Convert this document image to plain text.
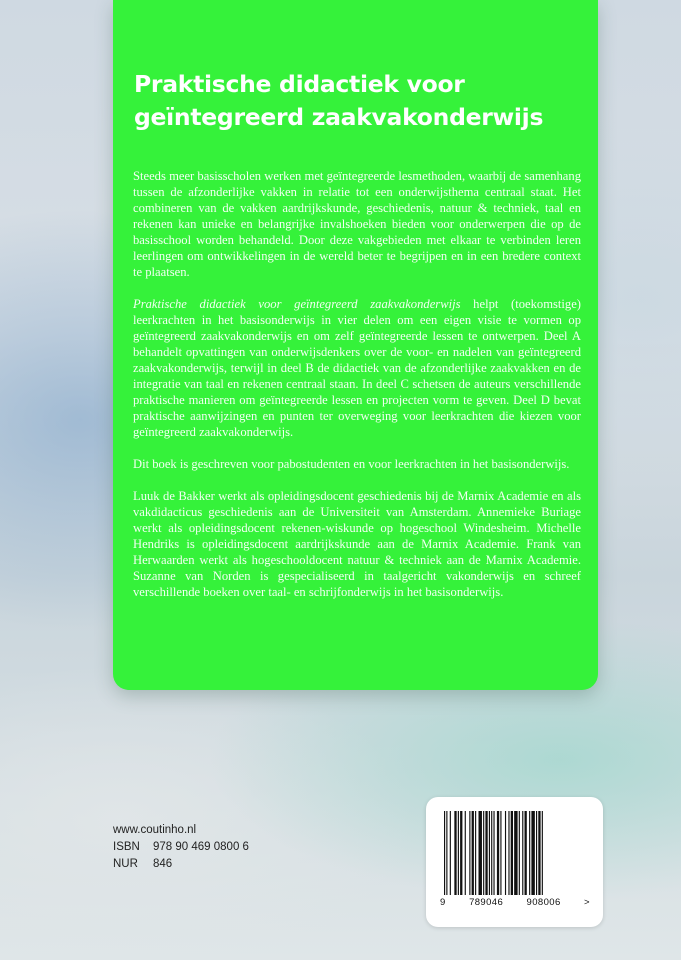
Praktische didactiek voor
geïntegreerd zaakvakonderwijs

Steeds meer basisscholen werken met geïntegreerde lesmethoden, waarbij de samenhang tussen de afzonderlijke vakken in relatie tot een onderwijsthema centraal staat. Het combineren van de vakken aardrijkskunde, geschiedenis, natuur & techniek, taal en rekenen kan unieke en belangrijke invalshoeken bieden voor onderwerpen die op de basisschool worden behandeld. Door deze vakgebieden met elkaar te verbinden leren leerlingen om ontwikkelingen in de wereld beter te begrijpen en in een bredere context te plaatsen.

Praktische didactiek voor geïntegreerd zaakvakonderwijs helpt (toekomstige) leerkrachten in het basisonderwijs in vier delen om een eigen visie te vormen op geïntegreerd zaakvakonderwijs en om zelf geïntegreerde lessen te ontwerpen. Deel A behandelt opvattingen van onderwijsdenkers over de voor- en nadelen van geïntegreerd zaakvakonderwijs, terwijl in deel B de didactiek van de afzonderlijke zaakvakken en de integratie van taal en rekenen centraal staan. In deel C schetsen de auteurs verschillende praktische manieren om geïntegreerde lessen en projecten vorm te geven. Deel D bevat praktische aanwijzingen en punten ter overweging voor leerkrachten die kiezen voor geïntegreerd zaakvakonderwijs.

Dit boek is geschreven voor pabostudenten en voor leerkrachten in het basisonderwijs.

Luuk de Bakker werkt als opleidingsdocent geschiedenis bij de Marnix Academie en als vakdidacticus geschiedenis aan de Universiteit van Amsterdam. Annemieke Buriage werkt als opleidingsdocent rekenen-wiskunde op hogeschool Windesheim. Michelle Hendriks is opleidingsdocent aardrijkskunde aan de Marnix Academie. Frank van Herwaarden werkt als hogeschooldocent natuur & techniek aan de Marnix Academie. Suzanne van Norden is gespecialiseerd in taalgericht vakonderwijs en schreef verschillende boeken over taal- en schrijfonderwijs in het basisonderwijs.

www.coutinho.nl
ISBN	978 90 469 0800 6
NUR	846
9 789046 908006 >
